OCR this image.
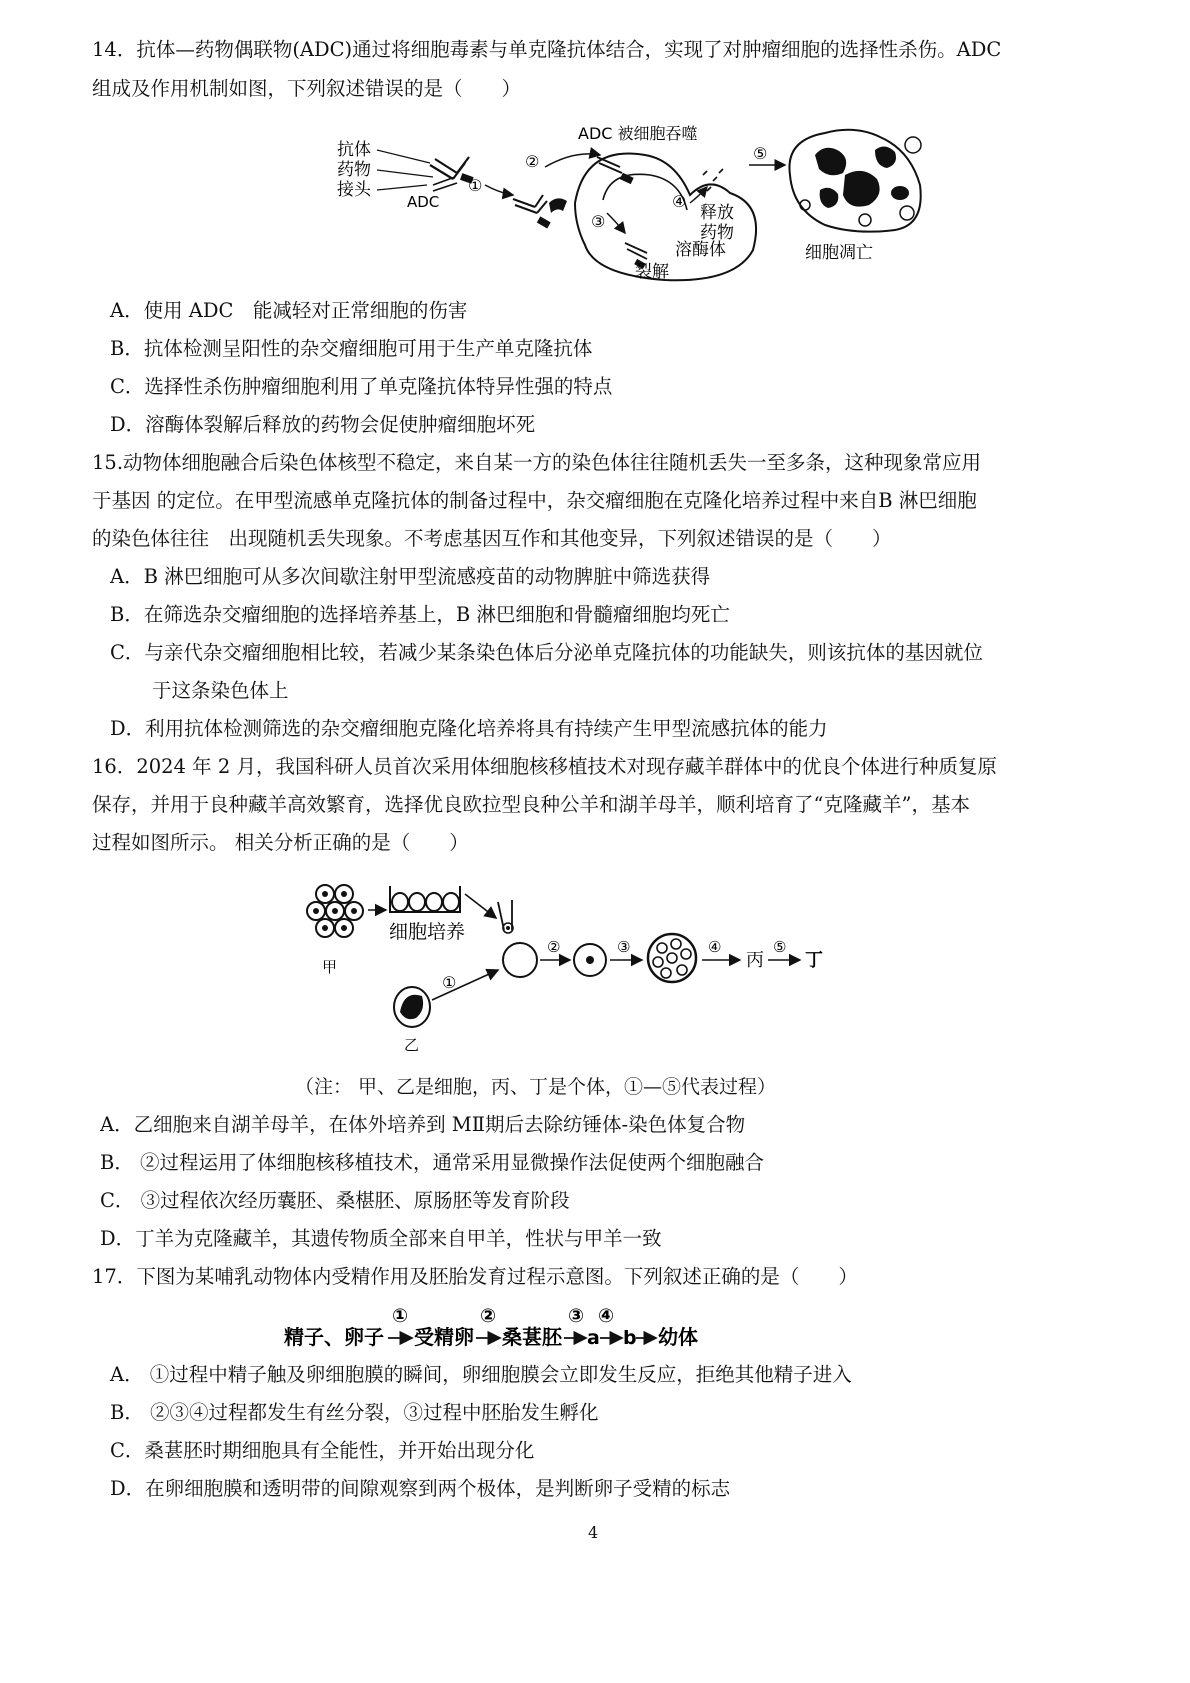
14．抗体—药物偶联物(ADC)通过将细胞毒素与单克隆抗体结合，实现了对肿瘤细胞的选择性杀伤。ADC
组成及作用机制如图，下列叙述错误的是（　　）
抗体
药物
接头
ADC
①
②
ADC 被细胞吞噬
③
④
释放
药物
溶酶体
裂解
⑤
细胞凋亡
A．使用 ADC　能减轻对正常细胞的伤害
B．抗体检测呈阳性的杂交瘤细胞可用于生产单克隆抗体
C．选择性杀伤肿瘤细胞利用了单克隆抗体特异性强的特点
D．溶酶体裂解后释放的药物会促使肿瘤细胞坏死
15.动物体细胞融合后染色体核型不稳定，来自某一方的染色体往往随机丢失一至多条，这种现象常应用
于基因 的定位。在甲型流感单克隆抗体的制备过程中，杂交瘤细胞在克隆化培养过程中来自B 淋巴细胞
的染色体往往　出现随机丢失现象。不考虑基因互作和其他变异，下列叙述错误的是（　　）
A．B 淋巴细胞可从多次间歇注射甲型流感疫苗的动物脾脏中筛选获得
B．在筛选杂交瘤细胞的选择培养基上，B 淋巴细胞和骨髓瘤细胞均死亡
C．与亲代杂交瘤细胞相比较，若减少某条染色体后分泌单克隆抗体的功能缺失，则该抗体的基因就位
于这条染色体上
D．利用抗体检测筛选的杂交瘤细胞克隆化培养将具有持续产生甲型流感抗体的能力
16．2024 年 2 月，我国科研人员首次采用体细胞核移植技术对现存藏羊群体中的优良个体进行种质复原
保存，并用于良种藏羊高效繁育，选择优良欧拉型良种公羊和湖羊母羊，顺利培育了“克隆藏羊”，基本
过程如图所示。 相关分析正确的是（　　）
甲
细胞培养
乙
①
②	③	④
丙
⑤
丁
（注： 甲、乙是细胞，丙、丁是个体，①—⑤代表过程）
A．乙细胞来自湖羊母羊，在体外培养到 MⅡ期后去除纺锤体-染色体复合物
B． ②过程运用了体细胞核移植技术，通常采用显微操作法促使两个细胞融合
C． ③过程依次经历囊胚、桑椹胚、原肠胚等发育阶段
D．丁羊为克隆藏羊，其遗传物质全部来自甲羊，性状与甲羊一致
17．下图为某哺乳动物体内受精作用及胚胎发育过程示意图。下列叙述正确的是（　　）
精子、卵子
①
受精卵
②
桑葚胚
③
a
④
b 幼体
A． ①过程中精子触及卵细胞膜的瞬间，卵细胞膜会立即发生反应，拒绝其他精子进入
B． ②③④过程都发生有丝分裂，③过程中胚胎发生孵化
C．桑葚胚时期细胞具有全能性，并开始出现分化
D．在卵细胞膜和透明带的间隙观察到两个极体，是判断卵子受精的标志
4
